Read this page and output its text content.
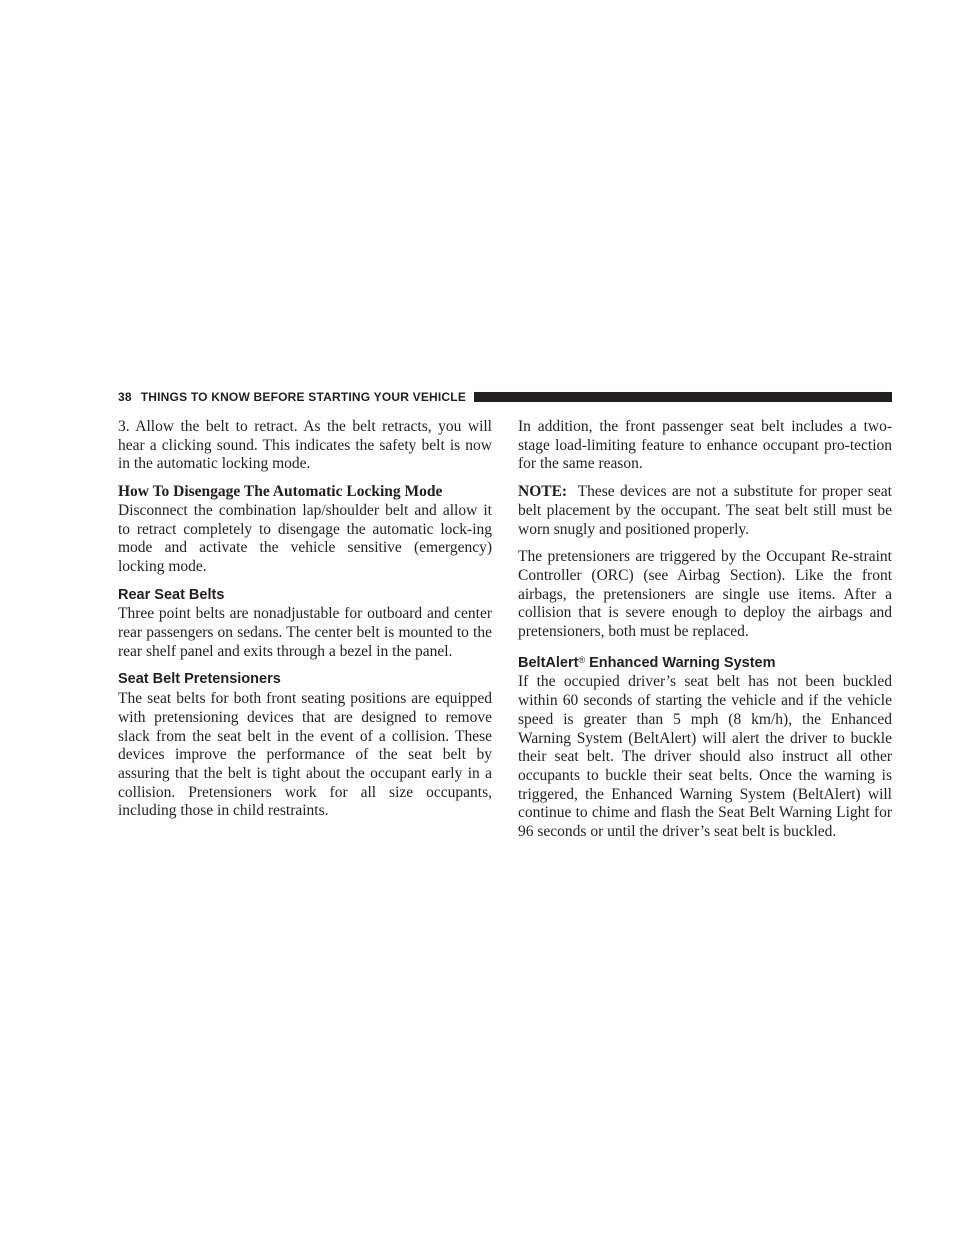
38 THINGS TO KNOW BEFORE STARTING YOUR VEHICLE

3. Allow the belt to retract. As the belt retracts, you will hear a clicking sound. This indicates the safety belt is now in the automatic locking mode.

How To Disengage The Automatic Locking Mode

Disconnect the combination lap/shoulder belt and allow it to retract completely to disengage the automatic lock-ing mode and activate the vehicle sensitive (emergency) locking mode.

Rear Seat Belts

Three point belts are nonadjustable for outboard and center rear passengers on sedans. The center belt is mounted to the rear shelf panel and exits through a bezel in the panel.

Seat Belt Pretensioners

The seat belts for both front seating positions are equipped with pretensioning devices that are designed to remove slack from the seat belt in the event of a collision. These devices improve the performance of the seat belt by assuring that the belt is tight about the occupant early in a collision. Pretensioners work for all size occupants, including those in child restraints.

In addition, the front passenger seat belt includes a two-stage load-limiting feature to enhance occupant pro-tection for the same reason.

NOTE: These devices are not a substitute for proper seat belt placement by the occupant. The seat belt still must be worn snugly and positioned properly.

The pretensioners are triggered by the Occupant Re-straint Controller (ORC) (see Airbag Section). Like the front airbags, the pretensioners are single use items. After a collision that is severe enough to deploy the airbags and pretensioners, both must be replaced.

BeltAlert® Enhanced Warning System

If the occupied driver’s seat belt has not been buckled within 60 seconds of starting the vehicle and if the vehicle speed is greater than 5 mph (8 km/h), the Enhanced Warning System (BeltAlert) will alert the driver to buckle their seat belt. The driver should also instruct all other occupants to buckle their seat belts. Once the warning is triggered, the Enhanced Warning System (BeltAlert) will continue to chime and flash the Seat Belt Warning Light for 96 seconds or until the driver’s seat belt is buckled.
